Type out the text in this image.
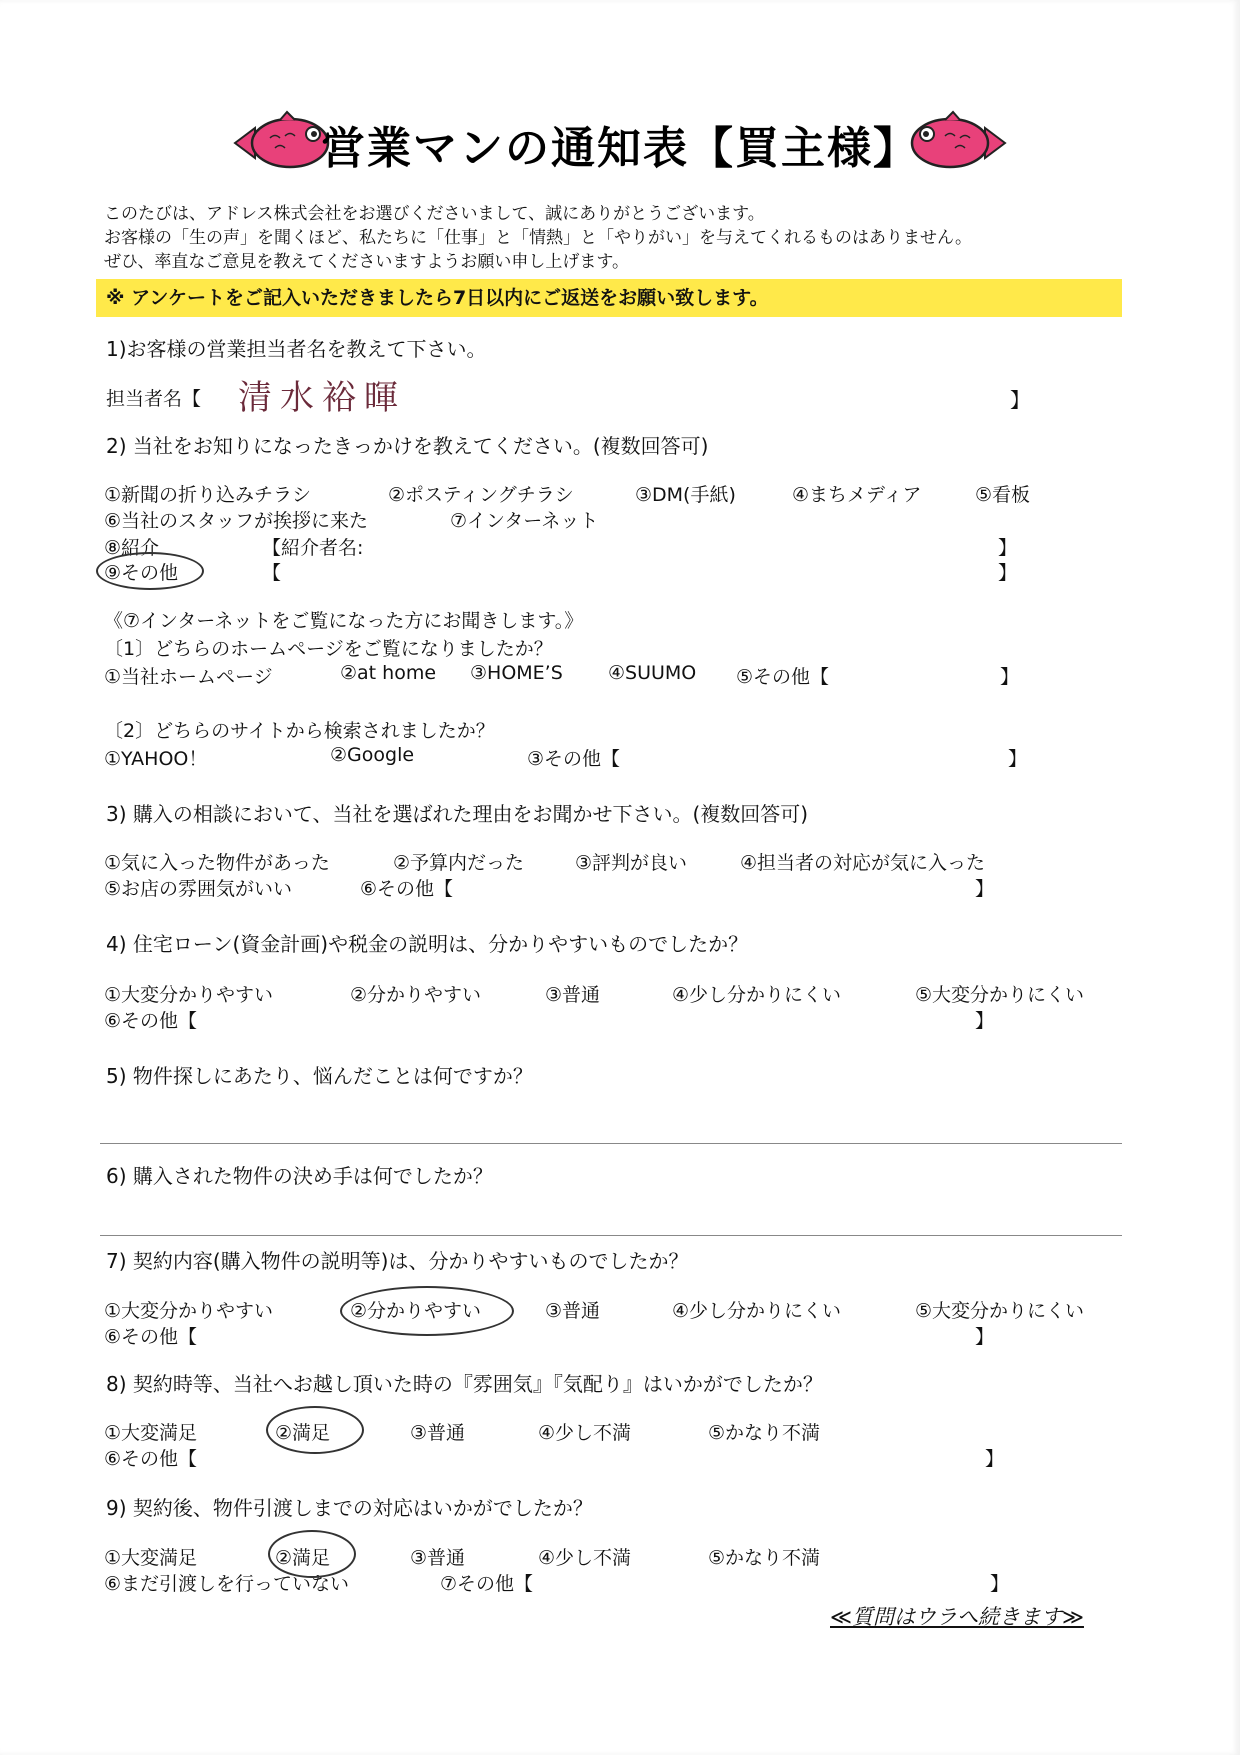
営業マンの通知表【買主様】
このたびは、アドレス株式会社をお選びくださいまして、誠にありがとうございます。
お客様の「生の声」を聞くほど、私たちに「仕事」と「情熱」と「やりがい」を与えてくれるものはありません。
ぜひ、率直なご意見を教えてくださいますようお願い申し上げます。
※ アンケートをご記入いただきましたら7日以内にご返送をお願い致します。
1)お客様の営業担当者名を教えて下さい。
担当者名【 清水裕暉	】
2) 当社をお知りになったきっかけを教えてください。(複数回答可)
①新聞の折り込みチラシ	②ポスティングチラシ	③DM(手紙)	④まちメディア	⑤看板
⑥当社のスタッフが挨拶に来た	⑦インターネット
⑧紹介	【紹介者名:	】
⑨その他	【	】
《⑦インターネットをご覧になった方にお聞きします。》
〔1〕どちらのホームページをご覧になりましたか？
①当社ホームページ	②at home ③HOME’S ④SUUMO ⑤その他【	】
〔2〕どちらのサイトから検索されましたか？
①YAHOO！	②Google	③その他【	】
3) 購入の相談において、当社を選ばれた理由をお聞かせ下さい。(複数回答可)
①気に入った物件があった	②予算内だった	③評判が良い	④担当者の対応が気に入った
⑤お店の雰囲気がいい	⑥その他【	】
4) 住宅ローン(資金計画)や税金の説明は、分かりやすいものでしたか？
①大変分かりやすい	②分かりやすい	③普通	④少し分かりにくい	⑤大変分かりにくい
⑥その他【	】
5) 物件探しにあたり、悩んだことは何ですか？
6) 購入された物件の決め手は何でしたか？
7) 契約内容(購入物件の説明等)は、分かりやすいものでしたか？
①大変分かりやすい	②分かりやすい	③普通	④少し分かりにくい	⑤大変分かりにくい
⑥その他【	】
8) 契約時等、当社へお越し頂いた時の『雰囲気』『気配り』はいかがでしたか？
①大変満足	②満足	③普通	④少し不満	⑤かなり不満
⑥その他【	】
9) 契約後、物件引渡しまでの対応はいかがでしたか？
①大変満足	②満足	③普通	④少し不満	⑤かなり不満
⑥まだ引渡しを行っていない	⑦その他【	】
≪質問はウラへ続きます≫
